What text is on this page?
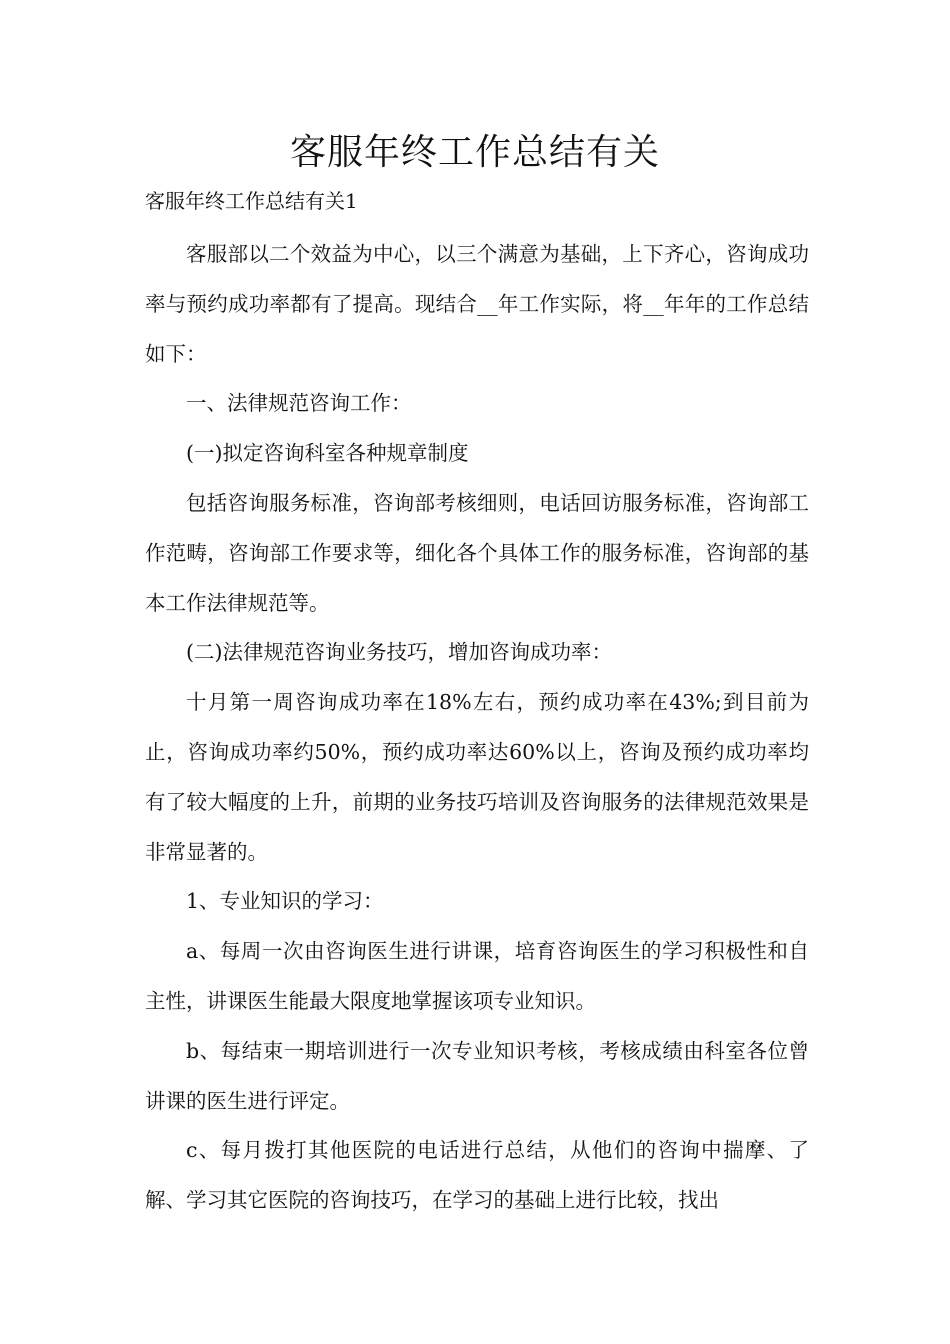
客服年终工作总结有关

客服年终工作总结有关1

客服部以二个效益为中心，以三个满意为基础，上下齐心，咨询成功率与预约成功率都有了提高。现结合__年工作实际，将__年年的工作总结如下：

一、法律规范咨询工作：

(一)拟定咨询科室各种规章制度

包括咨询服务标准，咨询部考核细则，电话回访服务标准，咨询部工作范畴，咨询部工作要求等，细化各个具体工作的服务标准，咨询部的基本工作法律规范等。

(二)法律规范咨询业务技巧，增加咨询成功率：

十月第一周咨询成功率在18%左右，预约成功率在43%;到目前为止，咨询成功率约50%，预约成功率达60%以上，咨询及预约成功率均有了较大幅度的上升，前期的业务技巧培训及咨询服务的法律规范效果是非常显著的。

1、专业知识的学习：

a、每周一次由咨询医生进行讲课，培育咨询医生的学习积极性和自主性，讲课医生能最大限度地掌握该项专业知识。

b、每结束一期培训进行一次专业知识考核，考核成绩由科室各位曾讲课的医生进行评定。

c、每月拨打其他医院的电话进行总结，从他们的咨询中揣摩、了解、学习其它医院的咨询技巧，在学习的基础上进行比较，找出
